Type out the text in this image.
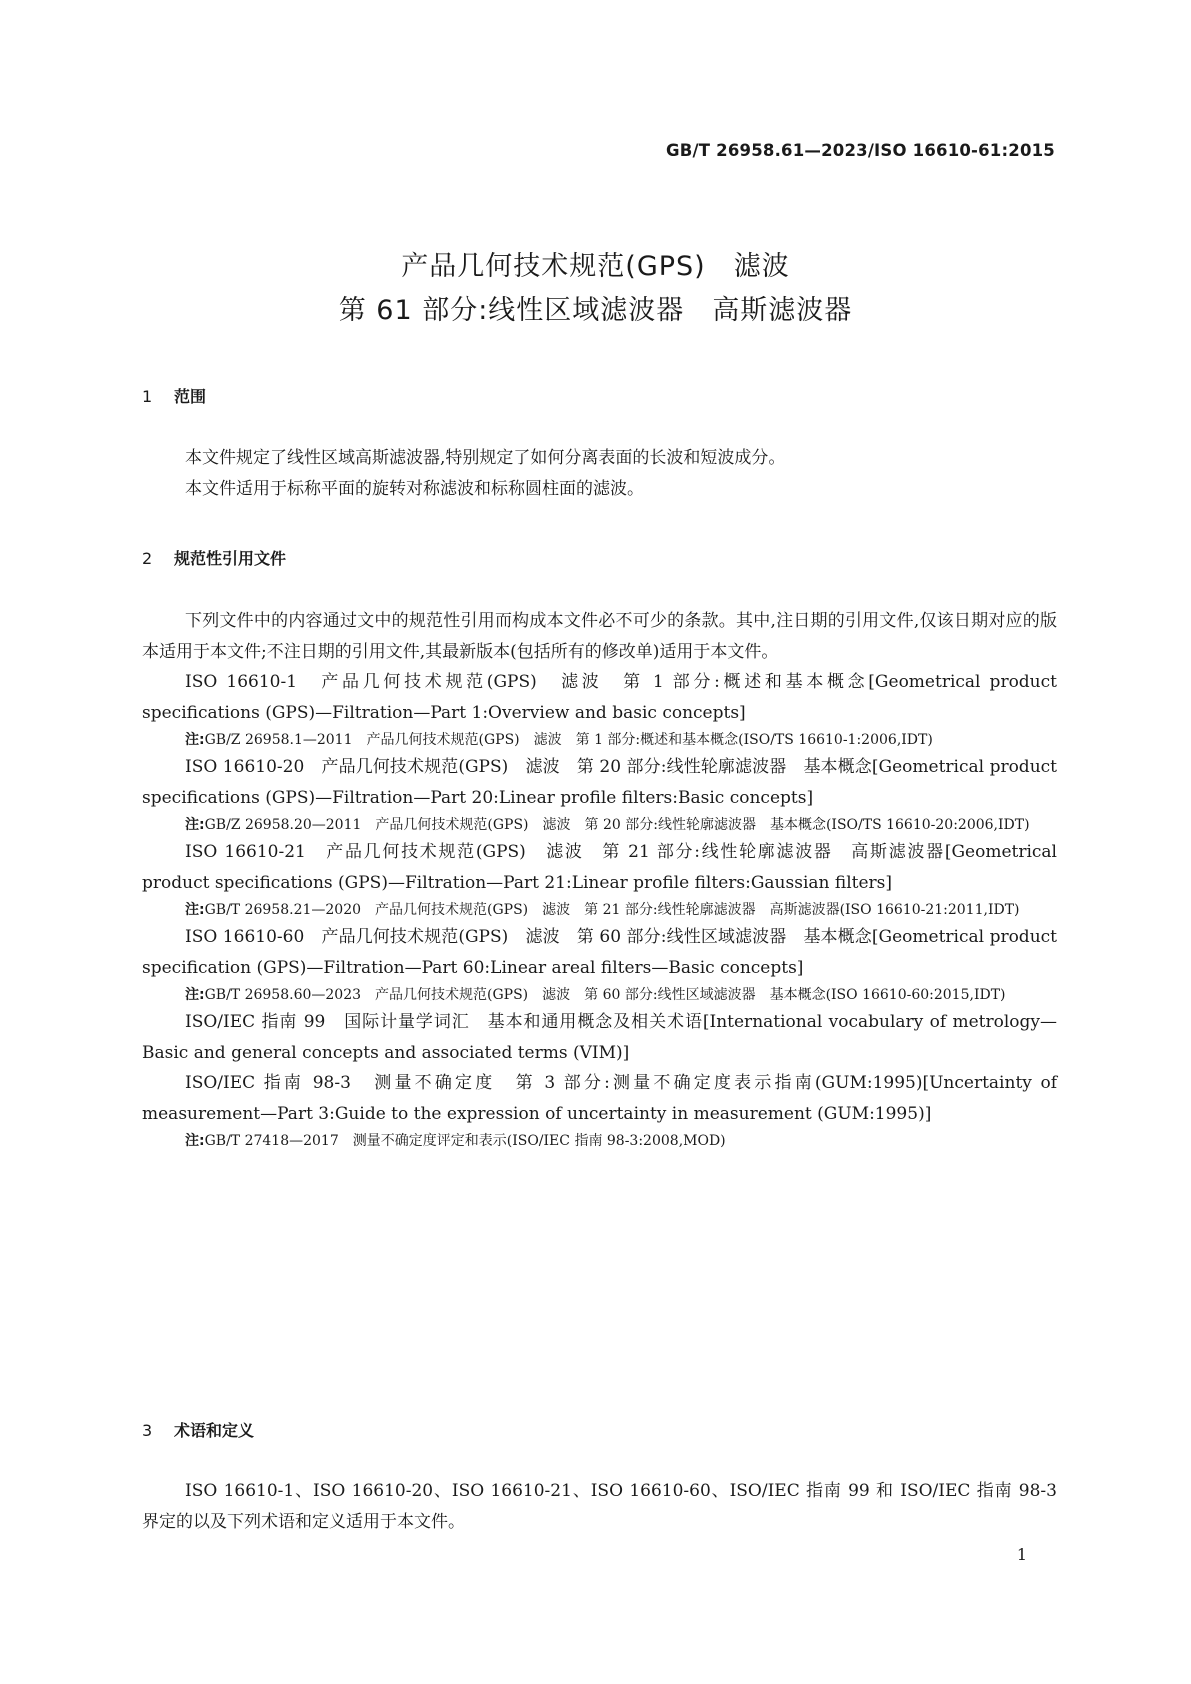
GB/T 26958.61—2023/ISO 16610-61:2015
产品几何技术规范(GPS) 滤波
第 61 部分:线性区域滤波器 高斯滤波器
1 范围

本文件规定了线性区域高斯滤波器,特别规定了如何分离表面的长波和短波成分。

本文件适用于标称平面的旋转对称滤波和标称圆柱面的滤波。

2 规范性引用文件

下列文件中的内容通过文中的规范性引用而构成本文件必不可少的条款。其中,注日期的引用文件,仅该日期对应的版本适用于本文件;不注日期的引用文件,其最新版本(包括所有的修改单)适用于本文件。

ISO 16610-1　产品几何技术规范(GPS)　滤波　第 1 部分:概述和基本概念[Geometrical product specifications (GPS)—Filtration—Part 1:Overview and basic concepts]

注:GB/Z 26958.1—2011　产品几何技术规范(GPS)　滤波　第 1 部分:概述和基本概念(ISO/TS 16610-1:2006,IDT)

ISO 16610-20　产品几何技术规范(GPS)　滤波　第 20 部分:线性轮廓滤波器　基本概念[Geometrical product specifications (GPS)—Filtration—Part 20:Linear profile filters:Basic concepts]

注:GB/Z 26958.20—2011　产品几何技术规范(GPS)　滤波　第 20 部分:线性轮廓滤波器　基本概念(ISO/TS 16610-20:2006,IDT)

ISO 16610-21　产品几何技术规范(GPS)　滤波　第 21 部分:线性轮廓滤波器　高斯滤波器[Geometrical product specifications (GPS)—Filtration—Part 21:Linear profile filters:Gaussian filters]

注:GB/T 26958.21—2020　产品几何技术规范(GPS)　滤波　第 21 部分:线性轮廓滤波器　高斯滤波器(ISO 16610-21:2011,IDT)

ISO 16610-60　产品几何技术规范(GPS)　滤波　第 60 部分:线性区域滤波器　基本概念[Geometrical product specification (GPS)—Filtration—Part 60:Linear areal filters—Basic concepts]

注:GB/T 26958.60—2023　产品几何技术规范(GPS)　滤波　第 60 部分:线性区域滤波器　基本概念(ISO 16610-60:2015,IDT)

ISO/IEC 指南 99　国际计量学词汇　基本和通用概念及相关术语[International vocabulary of metrology—Basic and general concepts and associated terms (VIM)]

ISO/IEC 指南 98-3　测量不确定度　第 3 部分:测量不确定度表示指南(GUM:1995)[Uncertainty of measurement—Part 3:Guide to the expression of uncertainty in measurement (GUM:1995)]

注:GB/T 27418—2017　测量不确定度评定和表示(ISO/IEC 指南 98-3:2008,MOD)

3 术语和定义

ISO 16610-1、ISO 16610-20、ISO 16610-21、ISO 16610-60、ISO/IEC 指南 99 和 ISO/IEC 指南 98-3 界定的以及下列术语和定义适用于本文件。

1
